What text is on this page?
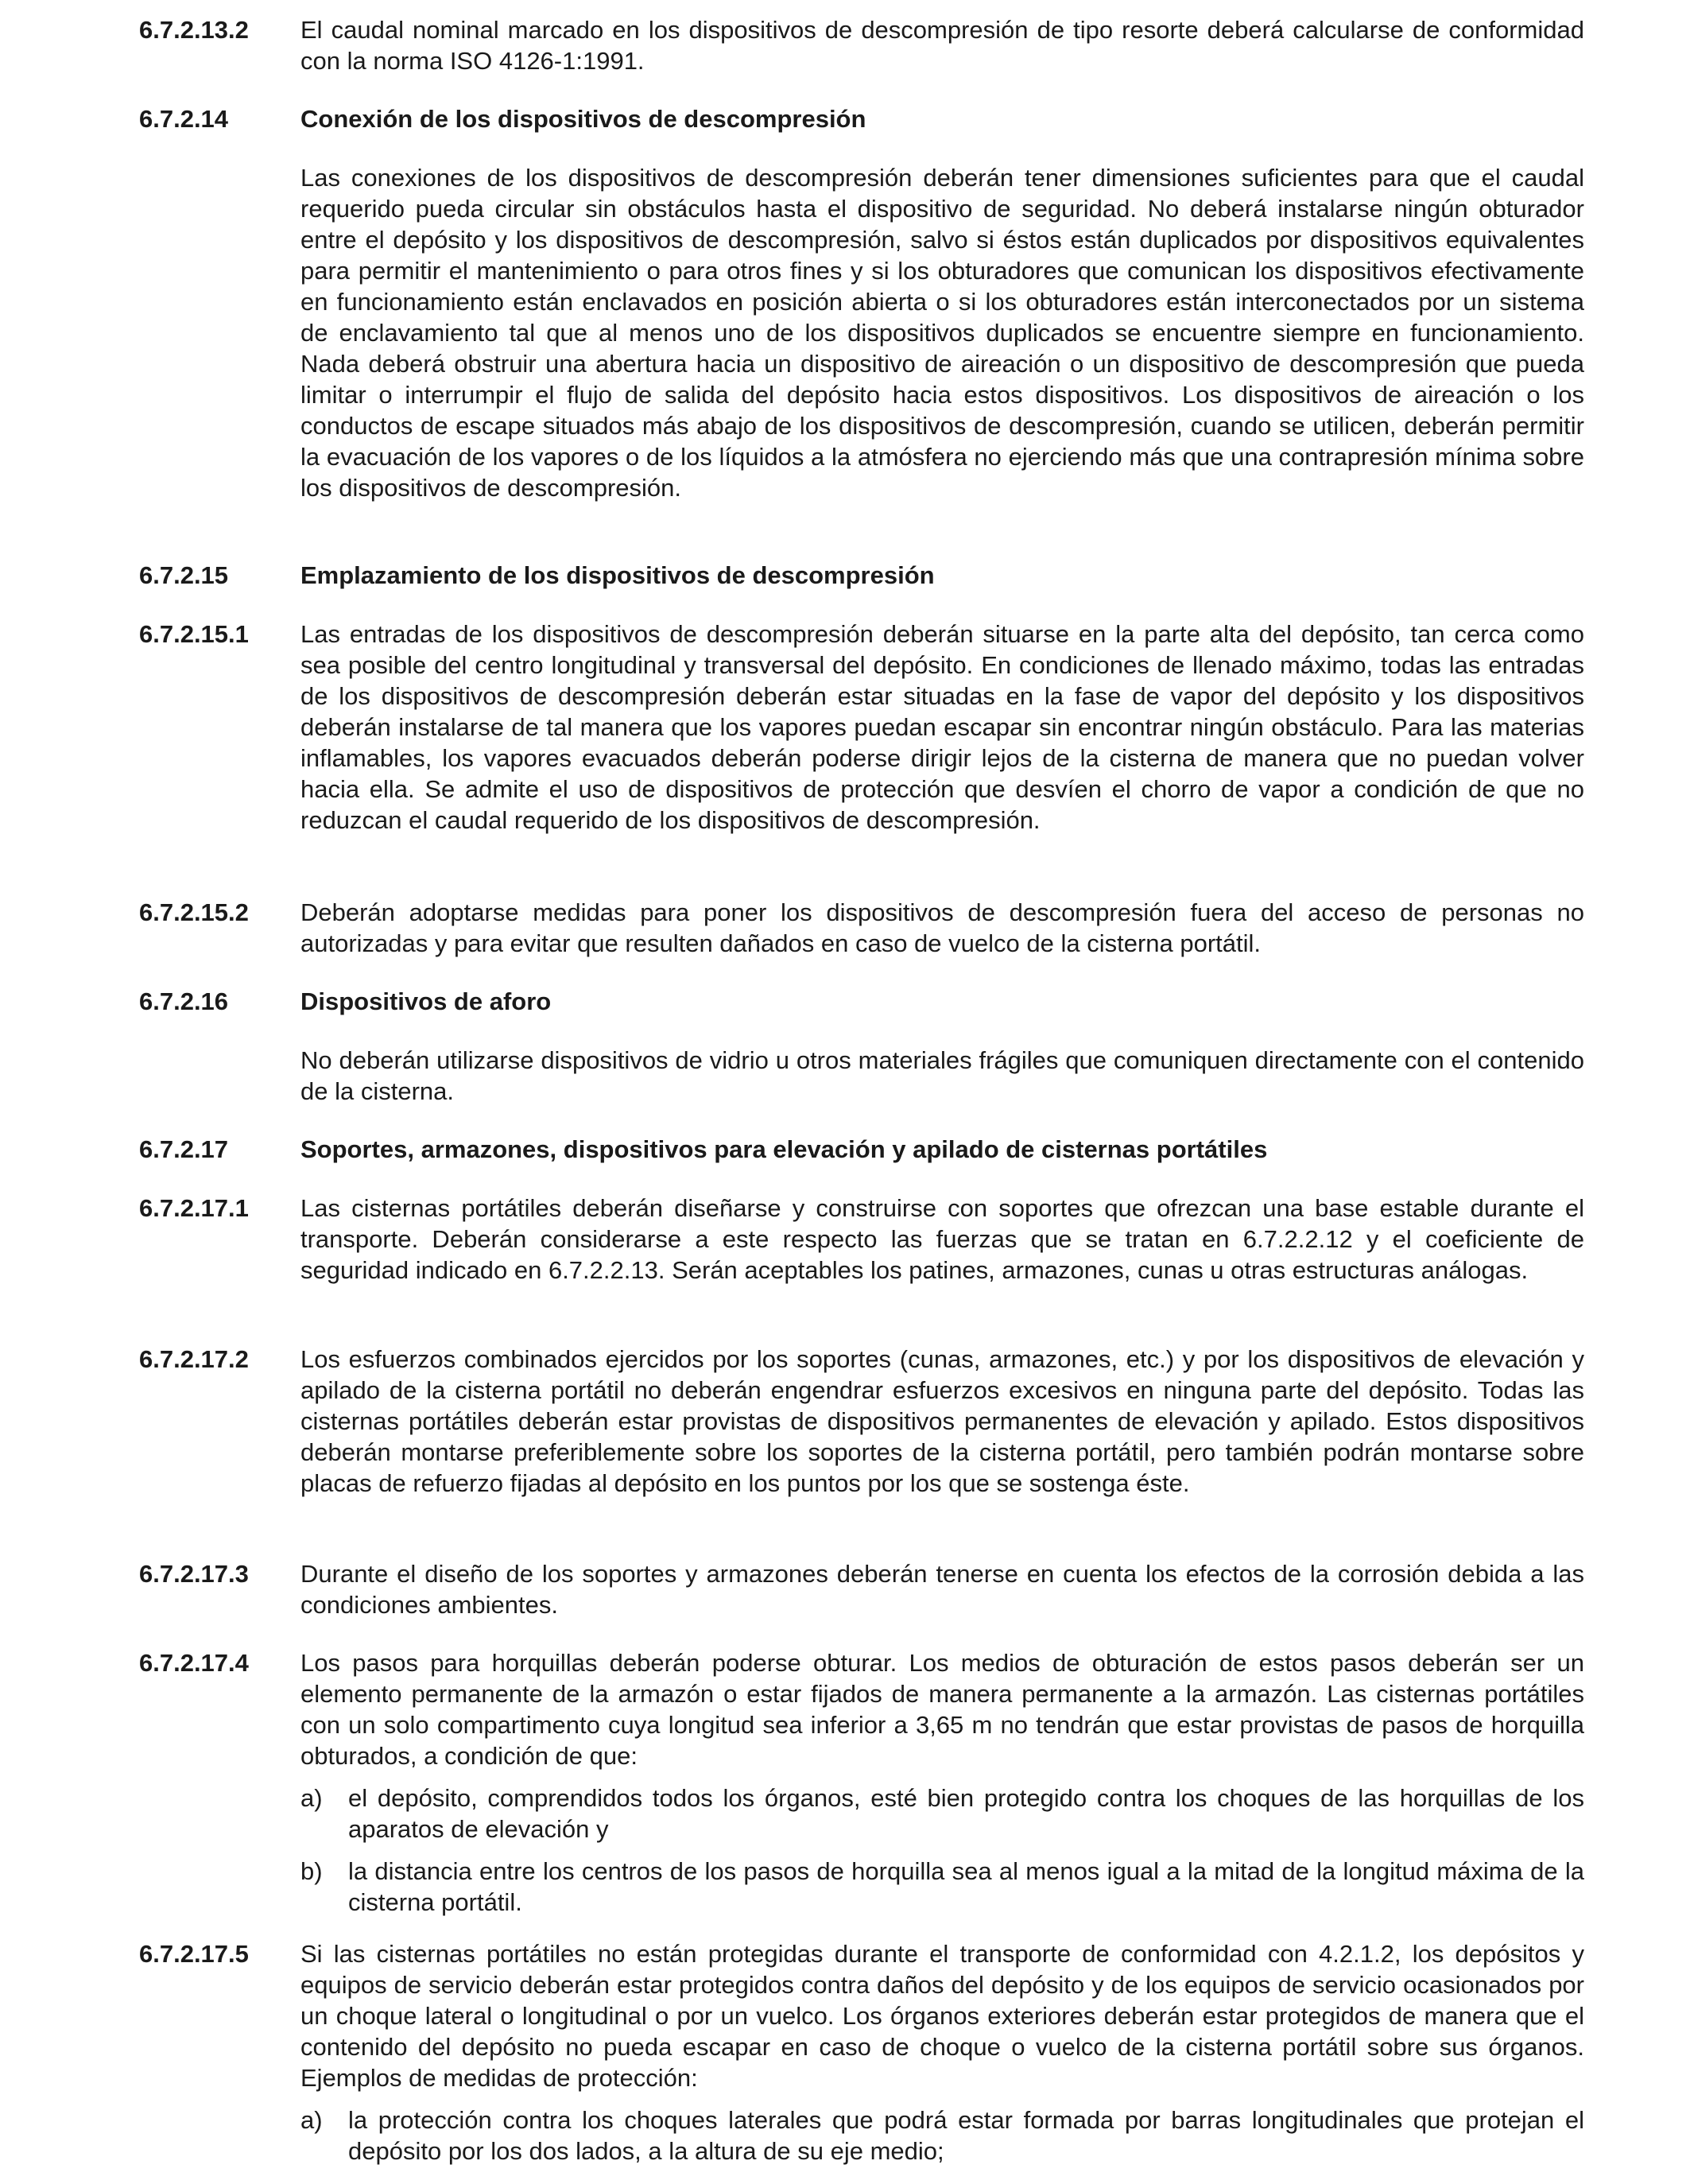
6.7.2.13.2	El caudal nominal marcado en los dispositivos de descompresión de tipo resorte deberá calcularse de conformidad con la norma ISO 4126-1:1991.
6.7.2.14	Conexión de los dispositivos de descompresión
Las conexiones de los dispositivos de descompresión deberán tener dimensiones suficientes para que el caudal requerido pueda circular sin obstáculos hasta el dispositivo de seguridad. No deberá instalarse ningún obturador entre el depósito y los dispositivos de descompresión, salvo si éstos están duplicados por dispositivos equivalentes para permitir el mantenimiento o para otros fines y si los obturadores que comunican los dispositivos efectivamente en funcionamiento están enclavados en posición abierta o si los obturadores están interconectados por un sistema de enclavamiento tal que al menos uno de los dispositivos duplicados se encuentre siempre en funcionamiento. Nada deberá obstruir una abertura hacia un dispositivo de aireación o un dispositivo de descompresión que pueda limitar o interrumpir el flujo de salida del depósito hacia estos dispositivos. Los dispositivos de aireación o los conductos de escape situados más abajo de los dispositivos de descompresión, cuando se utilicen, deberán permitir la evacuación de los vapores o de los líquidos a la atmósfera no ejerciendo más que una contrapresión mínima sobre los dispositivos de descompresión.
6.7.2.15	Emplazamiento de los dispositivos de descompresión
6.7.2.15.1	Las entradas de los dispositivos de descompresión deberán situarse en la parte alta del depósito, tan cerca como sea posible del centro longitudinal y transversal del depósito. En condiciones de llenado máximo, todas las entradas de los dispositivos de descompresión deberán estar situadas en la fase de vapor del depósito y los dispositivos deberán instalarse de tal manera que los vapores puedan escapar sin encontrar ningún obstáculo. Para las materias inflamables, los vapores evacuados deberán poderse dirigir lejos de la cisterna de manera que no puedan volver hacia ella. Se admite el uso de dispositivos de protección que desvíen el chorro de vapor a condición de que no reduzcan el caudal requerido de los dispositivos de descompresión.
6.7.2.15.2	Deberán adoptarse medidas para poner los dispositivos de descompresión fuera del acceso de personas no autorizadas y para evitar que resulten dañados en caso de vuelco de la cisterna portátil.
6.7.2.16	Dispositivos de aforo
No deberán utilizarse dispositivos de vidrio u otros materiales frágiles que comuniquen directamente con el contenido de la cisterna.
6.7.2.17	Soportes, armazones, dispositivos para elevación y apilado de cisternas portátiles
6.7.2.17.1	Las cisternas portátiles deberán diseñarse y construirse con soportes que ofrezcan una base estable durante el transporte. Deberán considerarse a este respecto las fuerzas que se tratan en 6.7.2.2.12 y el coeficiente de seguridad indicado en 6.7.2.2.13. Serán aceptables los patines, armazones, cunas u otras estructuras análogas.
6.7.2.17.2	Los esfuerzos combinados ejercidos por los soportes (cunas, armazones, etc.) y por los dispositivos de elevación y apilado de la cisterna portátil no deberán engendrar esfuerzos excesivos en ninguna parte del depósito. Todas las cisternas portátiles deberán estar provistas de dispositivos permanentes de elevación y apilado. Estos dispositivos deberán montarse preferiblemente sobre los soportes de la cisterna portátil, pero también podrán montarse sobre placas de refuerzo fijadas al depósito en los puntos por los que se sostenga éste.
6.7.2.17.3	Durante el diseño de los soportes y armazones deberán tenerse en cuenta los efectos de la corrosión debida a las condiciones ambientes.
6.7.2.17.4	Los pasos para horquillas deberán poderse obturar. Los medios de obturación de estos pasos deberán ser un elemento permanente de la armazón o estar fijados de manera permanente a la armazón. Las cisternas portátiles con un solo compartimento cuya longitud sea inferior a 3,65 m no tendrán que estar provistas de pasos de horquilla obturados, a condición de que:
a) el depósito, comprendidos todos los órganos, esté bien protegido contra los choques de las horquillas de los aparatos de elevación y
b) la distancia entre los centros de los pasos de horquilla sea al menos igual a la mitad de la longitud máxima de la cisterna portátil.
6.7.2.17.5	Si las cisternas portátiles no están protegidas durante el transporte de conformidad con 4.2.1.2, los depósitos y equipos de servicio deberán estar protegidos contra daños del depósito y de los equipos de servicio ocasionados por un choque lateral o longitudinal o por un vuelco. Los órganos exteriores deberán estar protegidos de manera que el contenido del depósito no pueda escapar en caso de choque o vuelco de la cisterna portátil sobre sus órganos. Ejemplos de medidas de protección:
a) la protección contra los choques laterales que podrá estar formada por barras longitudinales que protejan el depósito por los dos lados, a la altura de su eje medio;
